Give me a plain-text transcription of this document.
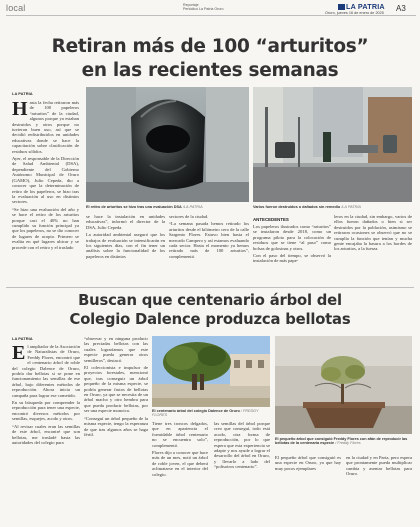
local	Reportaje
Periódico La Patria Oruro	LA PATRIA
Oruro, jueves 16 de enero de 2025 A3
Retiran más de 100 “arturitos”
en las recientes semanas
LA PATRIA

Hasta la fecha retiraron más de 100 papeleros “arturitos” de la ciudad, algunos porque ya estaban destruidos y otros porque no tuvieron buen uso, así que se decidió redistribuirlos en unidades educativas donde se hace la capacitación sobre clasificación de residuos sólidos.

Ayer, el responsable de la Dirección de Salud Ambiental (DSA), dependiente del Gobierno Autónomo Municipal de Oruro (GAMO), Julio Cepeda, dio a conocer que la determinación de retiro de los papeleros, se hizo tras la evaluación al uso en distintos sectores.

“Se hizo una evaluación del año y se hace el retiro de los arturitos porque casi el 40% no han cumplido su función principal ya que los papeleros, no se dio conocer de lugares de acopio. Primero se evalúa en qué lugares ubicar y se procede con el retiro y el traslado

El retiro de arturitos se hizo tras una evaluación DSA /LA PATRIA	Varios fueron destruidos o dañados sin remedio /LA PATRIA

se hace la instalación en unidades educativas”, informó el director de la DSA, Julio Cepeda.

La autoridad ambiental aseguró que los trabajos de evaluación se intensificarán en los siguientes días, con el fin tener un análisis sobre la funcionalidad de los papeleros en distintos

sectores de la ciudad.

“La semana pasada hemos retirado los arturitos desde el kilómetro cero de la calle Sargento Flores. Estuvo bien hasta el mercado Campero y así estamos evaluando cada sector. Hasta el momento ya hemos retirado más de 100 arturitos”, complementó.

ANTECEDENTES

Los papeleros ilustrados como “arturitos” se instalaron desde 2018, como un programa piloto para la colocación de residuos que se tiene “al paso” como bolsas de golosinas y otros.

Con el paso del tiempo, se observó la instalación de más pape-

leros en la ciudad, sin embargo, varios de ellos fueron dañados o bien si ser destruidos por la población, asimismo se retiraron ocasiones se observó que no se cumplía la función que tenían y mucha gente encajaba la basura a los bordes de los arturitos, a la fuerza.

Buscan que centenario árbol del
Colegio Dalence produzca bellotas
LA PATRIA

El ampliador de la Asociación de Naturalistas de Oruro, Freddy Flores, encontró que el centenario árbol de roble del colegio Dalence de Oruro, podría dar bellotas si se pone en funcionamiento las semillas de ese árbol, bajo diferentes métodos de reproducción. Ahora inicia un campaña para lograr ese cometido.

En su búsqueda por comprender la reproducción para tener una especie, encontró diversos métodos por semillas, esquejes, acodo y otros.

“Al revisar cuales eran las semillas de este árbol, encontré que son bellotas, me trasladé hasta las autoridades del colegio para

“observar y en ninguna producir las preciadas bellotas con las cuales lograríamos que este especie pueda generar otros semilleros”, destacó.

El coleccionista e impulsor de proyectos forestales, mencionó que, tras conseguir un árbol pequeño de la misma especie, se podría generar frutos de bellotas en Oruro, ya que se necesita de un árbol macho y otro hembra para que pueda producir bellotas, por ser una especie monoica.

“Conseguí un árbol pequeño de la misma especie, tengo la esperanza de que tras algunos años se haga fértil.

El centenario árbol del colegio Dalence de Oruro / FREDDY FLORES

Tiene tres troncos delgados, que en apariencia el formidable árbol centenario no se encuentra solo”, complementó.

Flores dijo a conocer que hace más de un mes, notó un árbol de roble joven, el que deberá aclimatarse en el interior del colegio.

las semillas del árbol porque creo que conseguí, todo está acodo, otra forma de reproducción, por lo que espera que esta experiencia se adapte y nos ayude a lograr el desarrollo del árbol en Oruro, y llevarlo a lado del “polisotros centenario”.

El pequeño árbol que consiguió Freddy Flores con afán de reproducir las bellotas de la centenaria especie / Freddy Flores

El pequeño árbol que consiguió es una especie en Oruro, ya que hay muy pocos ejemplares

en la ciudad y en Paria, pero espera que prontamente pueda multiplicar cambia y asentar bellotas para Oruro.
